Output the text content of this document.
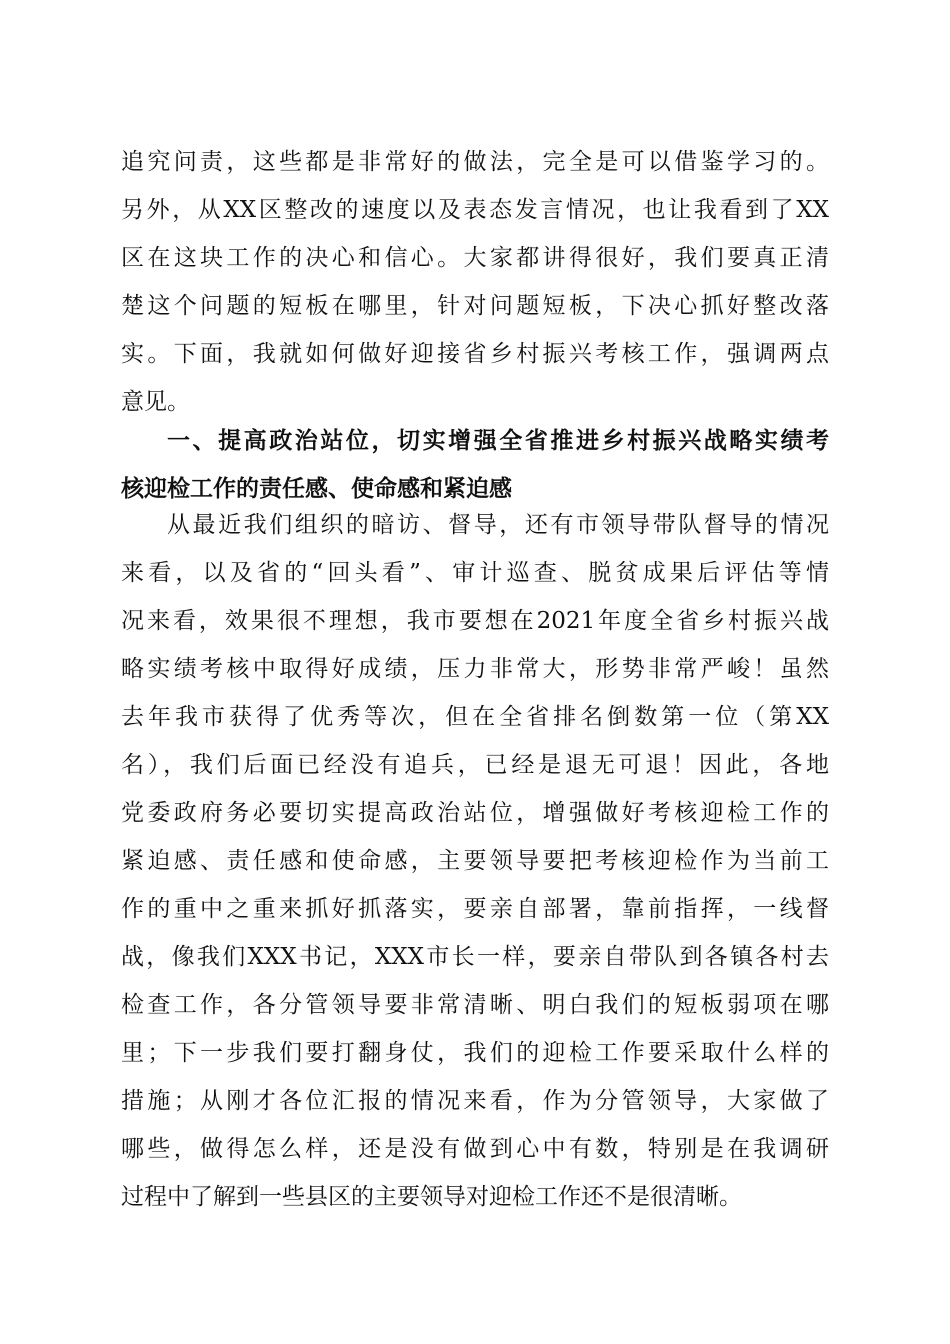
追究问责，这些都是非常好的做法，完全是可以借鉴学习的。
另外，从XX区整改的速度以及表态发言情况，也让我看到了XX
区在这块工作的决心和信心。大家都讲得很好，我们要真正清
楚这个问题的短板在哪里，针对问题短板，下决心抓好整改落
实。下面，我就如何做好迎接省乡村振兴考核工作，强调两点
意见。
一、提高政治站位，切实增强全省推进乡村振兴战略实绩考
核迎检工作的责任感、使命感和紧迫感
从最近我们组织的暗访、督导，还有市领导带队督导的情况
来看，以及省的“回头看”、审计巡查、脱贫成果后评估等情
况来看，效果很不理想，我市要想在2021年度全省乡村振兴战
略实绩考核中取得好成绩，压力非常大，形势非常严峻！虽然
去年我市获得了优秀等次，但在全省排名倒数第一位（第XX
名），我们后面已经没有追兵，已经是退无可退！因此，各地
党委政府务必要切实提高政治站位，增强做好考核迎检工作的
紧迫感、责任感和使命感，主要领导要把考核迎检作为当前工
作的重中之重来抓好抓落实，要亲自部署，靠前指挥，一线督
战，像我们XXX书记，XXX市长一样，要亲自带队到各镇各村去
检查工作，各分管领导要非常清晰、明白我们的短板弱项在哪
里；下一步我们要打翻身仗，我们的迎检工作要采取什么样的
措施；从刚才各位汇报的情况来看，作为分管领导，大家做了
哪些，做得怎么样，还是没有做到心中有数，特别是在我调研
过程中了解到一些县区的主要领导对迎检工作还不是很清晰。
